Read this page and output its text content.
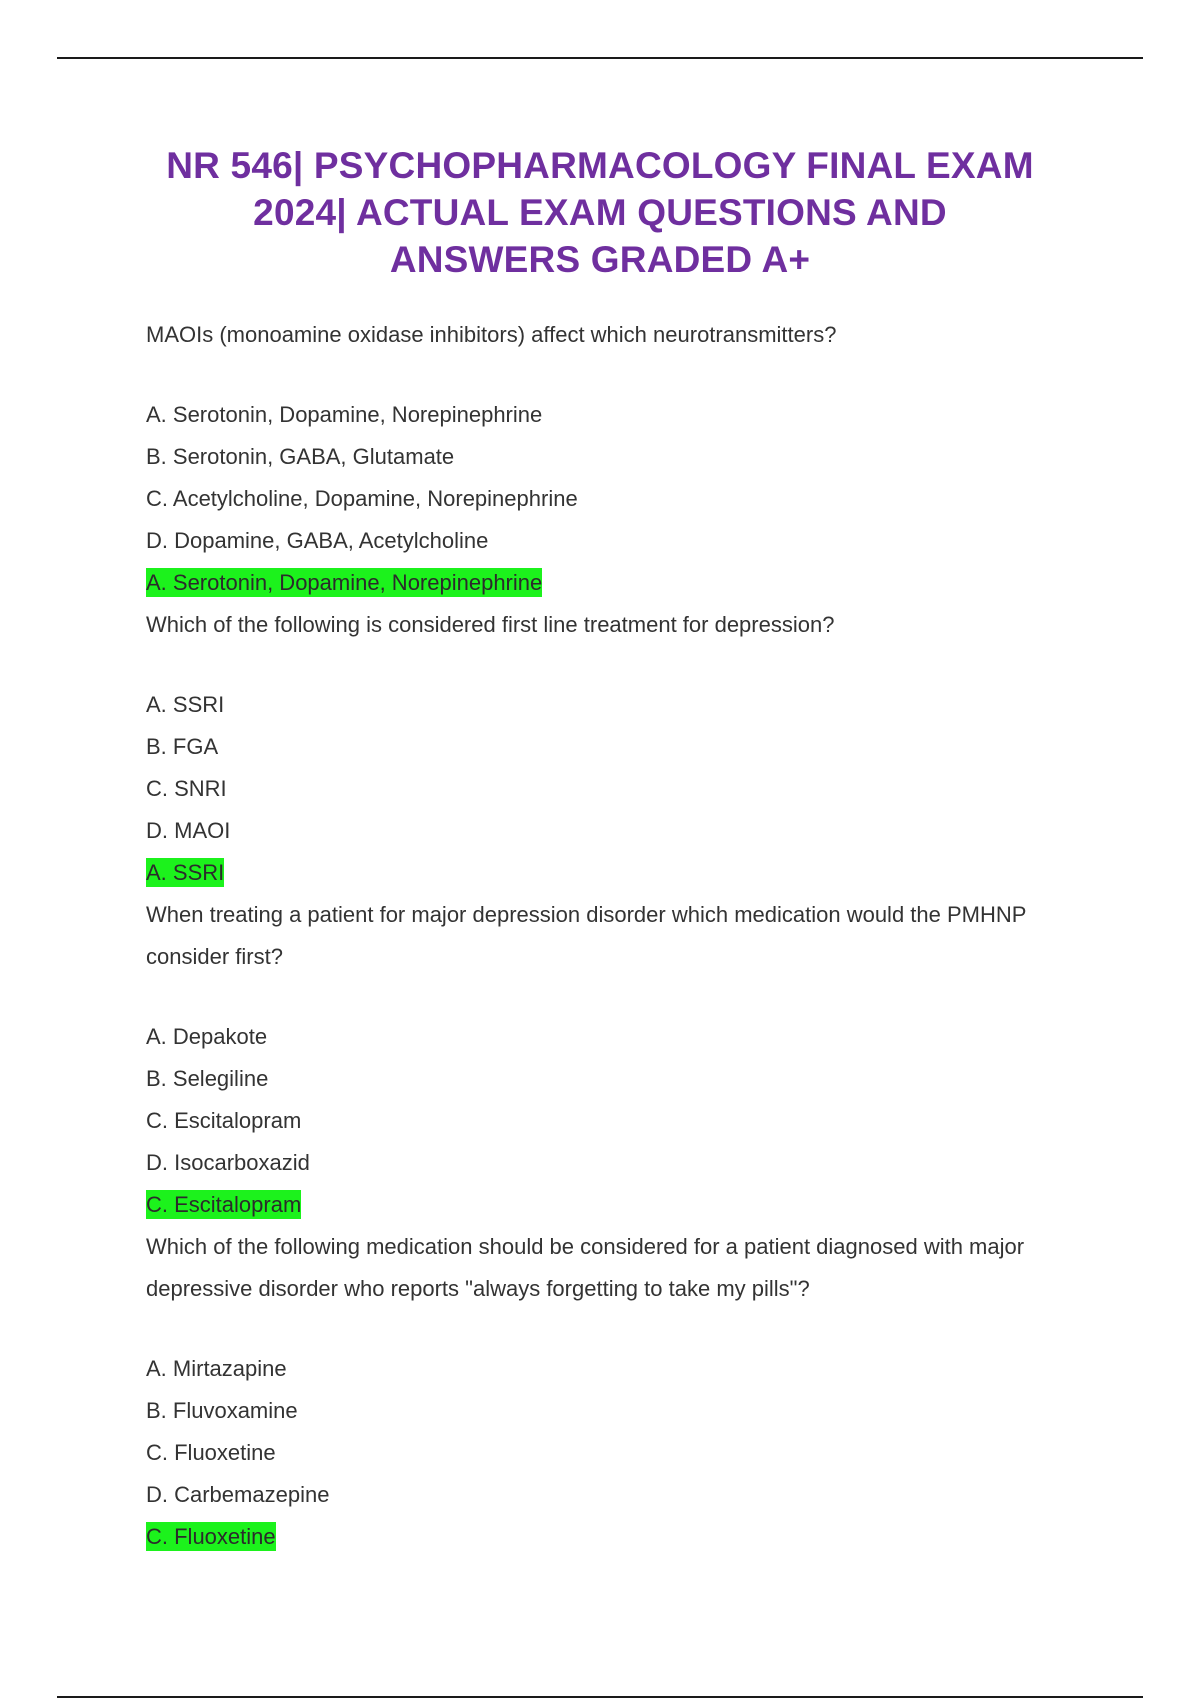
NR 546| PSYCHOPHARMACOLOGY FINAL EXAM
2024| ACTUAL EXAM QUESTIONS AND
ANSWERS GRADED A+

MAOIs (monoamine oxidase inhibitors) affect which neurotransmitters?

A. Serotonin, Dopamine, Norepinephrine
B. Serotonin, GABA, Glutamate
C. Acetylcholine, Dopamine, Norepinephrine
D. Dopamine, GABA, Acetylcholine

A. Serotonin, Dopamine, Norepinephrine

Which of the following is considered first line treatment for depression?

A. SSRI
B. FGA
C. SNRI
D. MAOI

A. SSRI

When treating a patient for major depression disorder which medication would the PMHNP consider first?

A. Depakote
B. Selegiline
C. Escitalopram
D. Isocarboxazid

C. Escitalopram

Which of the following medication should be considered for a patient diagnosed with major depressive disorder who reports "always forgetting to take my pills"?

A. Mirtazapine
B. Fluvoxamine
C. Fluoxetine
D. Carbemazepine

C. Fluoxetine
